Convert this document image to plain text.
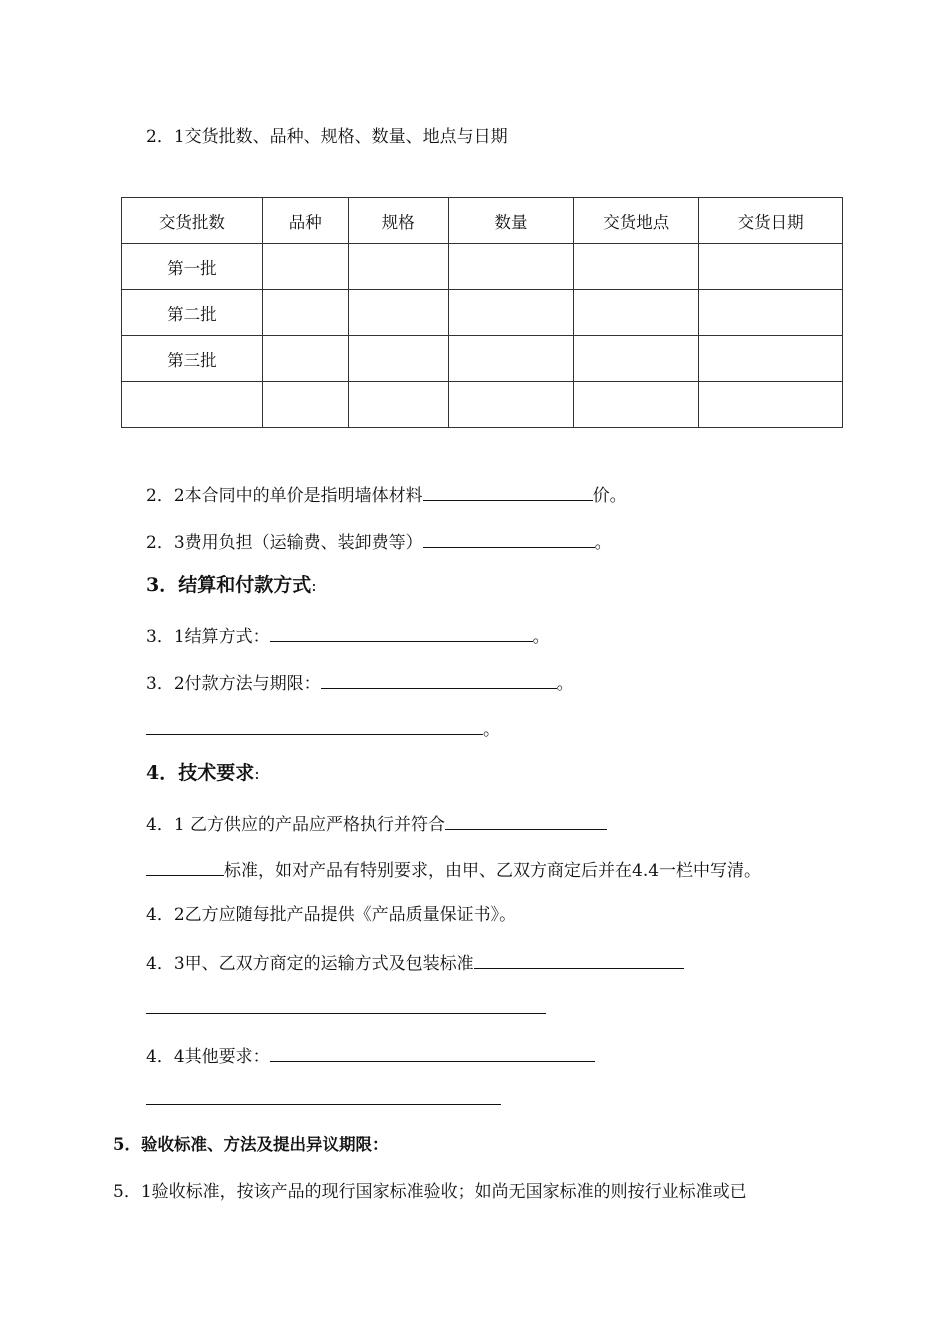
2．1交货批数、品种、规格、数量、地点与日期
交货批数	品种	规格	数量	交货地点	交货日期
第一批					
第二批					
第三批					

2．2本合同中的单价是指明墙体材料	价。
2．3费用负担（运输费、装卸费等）	。
3．结算和付款方式:
3．1结算方式：	。
3．2付款方法与期限：	。
。
4．技术要求:
4．1 乙方供应的产品应严格执行并符合
标准，如对产品有特别要求，由甲、乙双方商定后并在4.4一栏中写清。
4．2乙方应随每批产品提供《产品质量保证书》。
4．3甲、乙双方商定的运输方式及包装标准
4．4其他要求：
5．验收标准、方法及提出异议期限：
5．1验收标准，按该产品的现行国家标准验收；如尚无国家标准的则按行业标准或已
